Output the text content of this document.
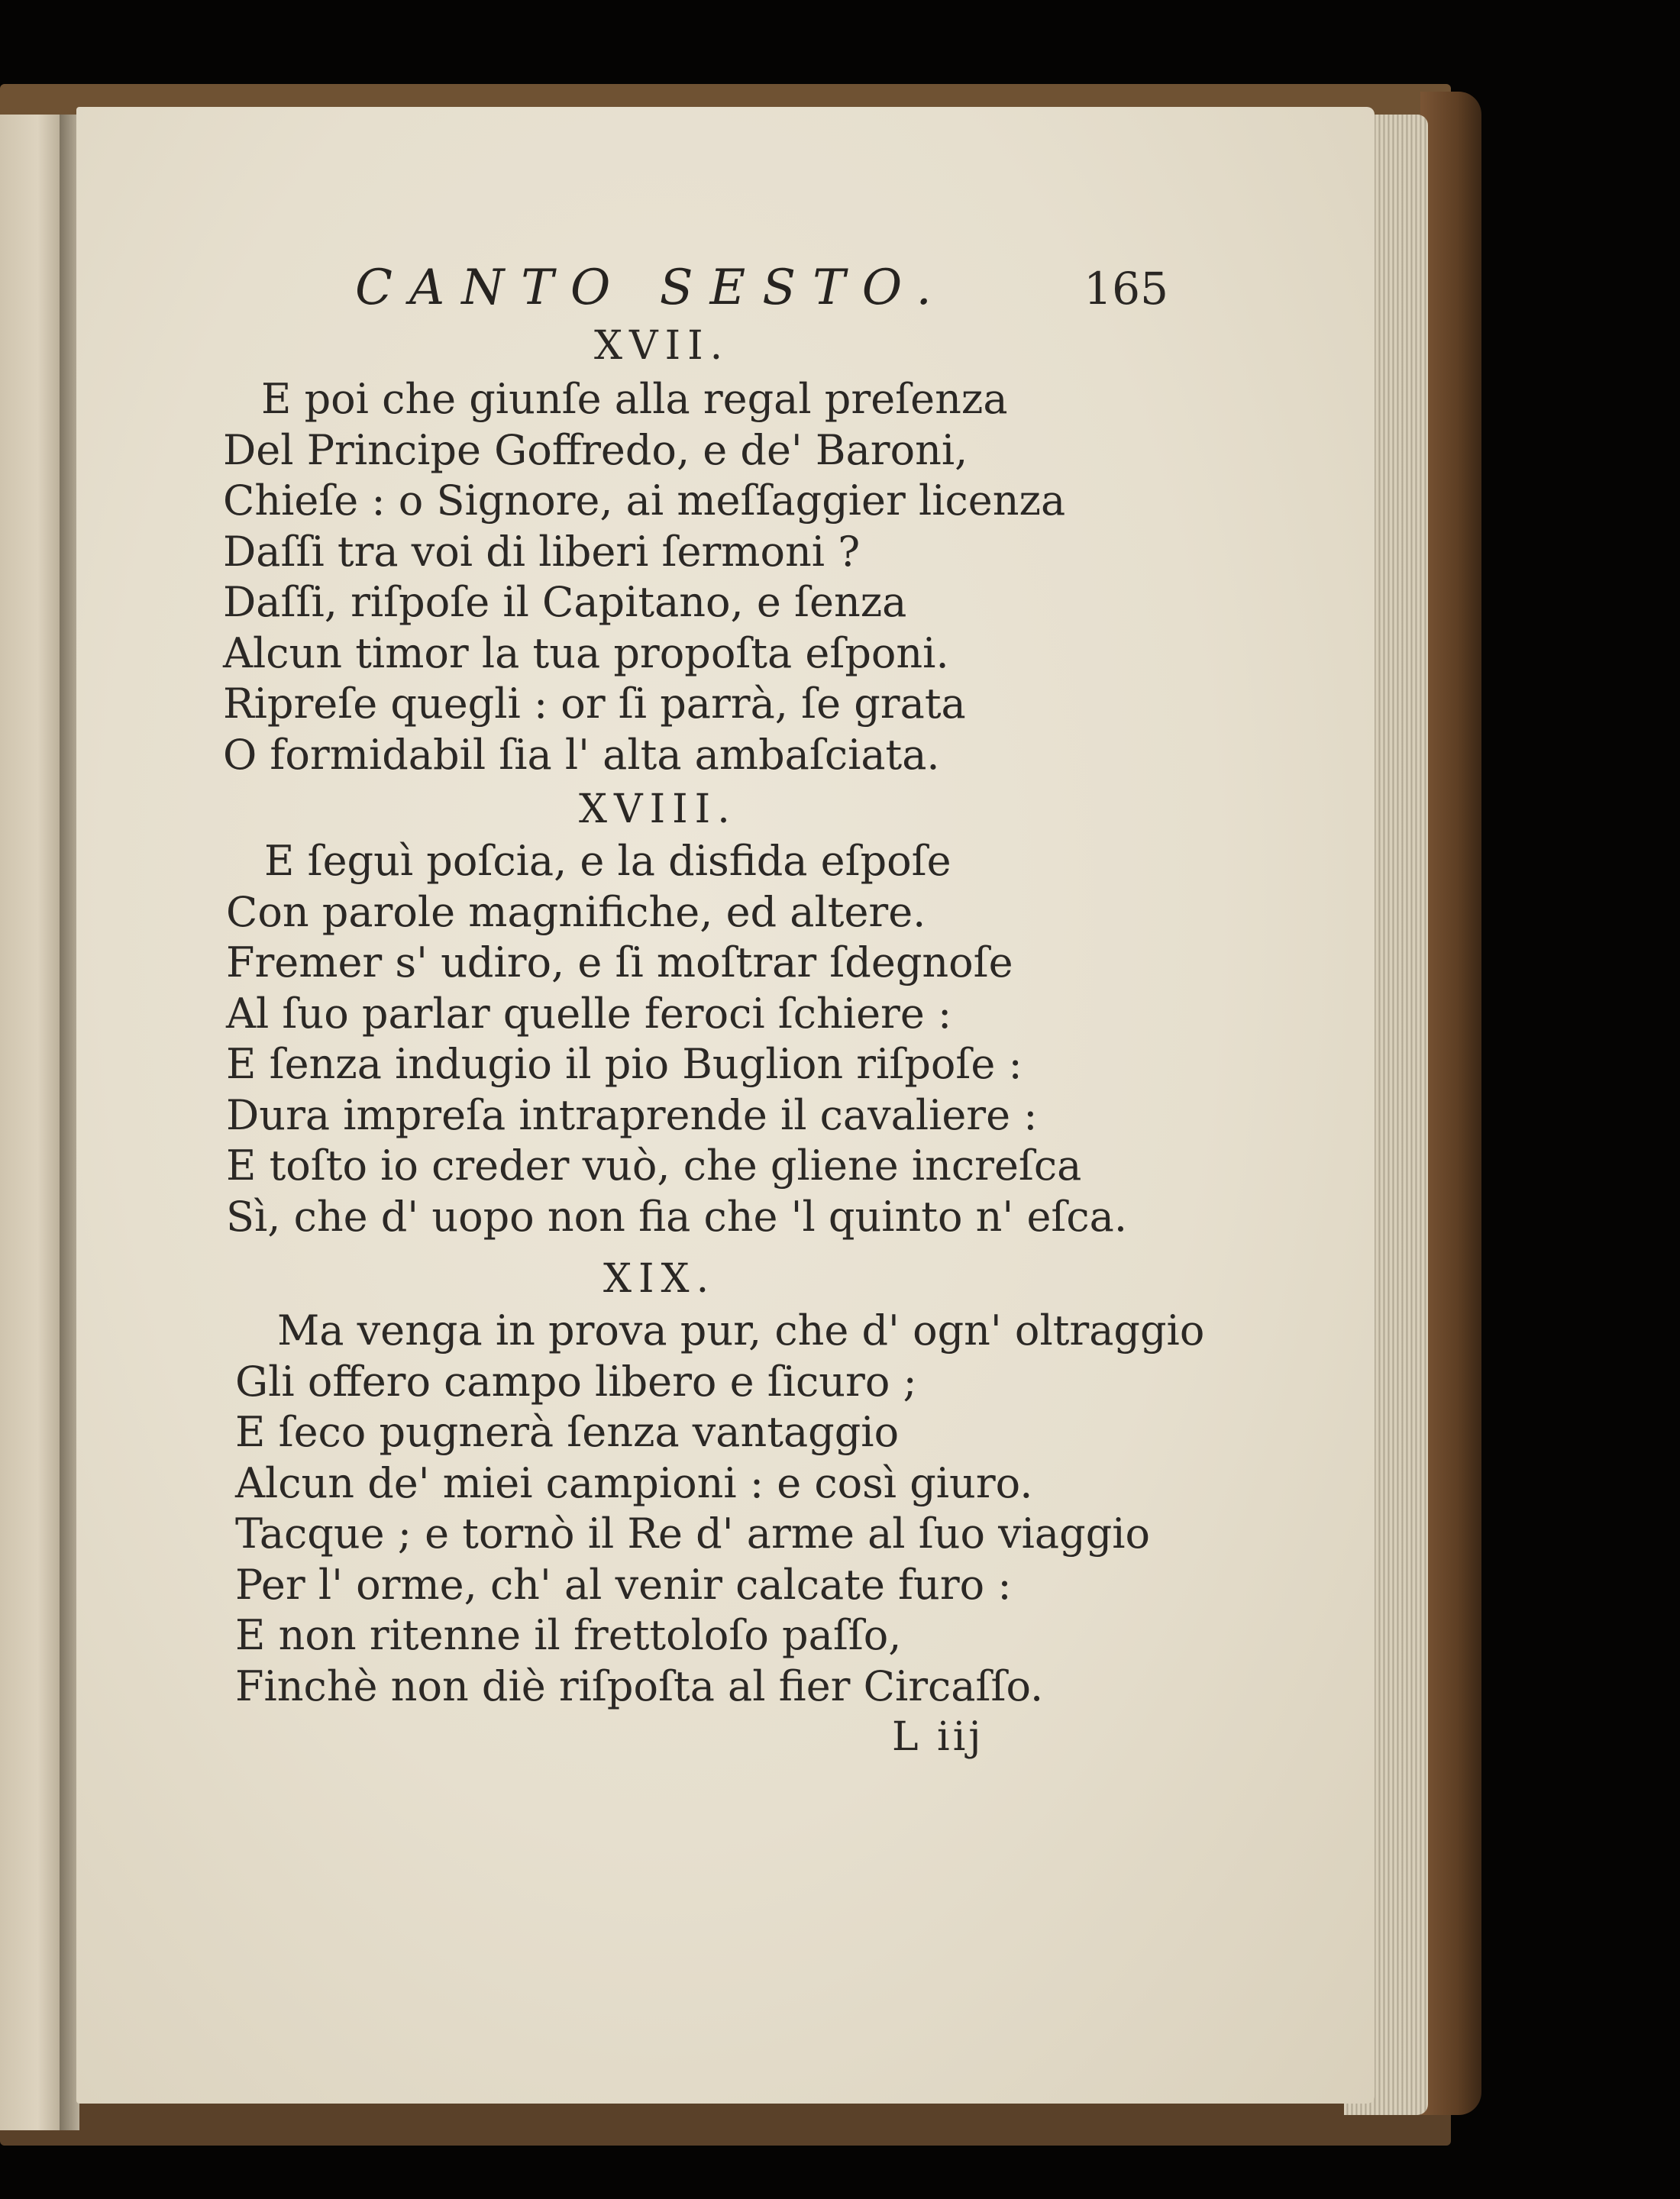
CANTO SESTO.	165
XVII.
E poi che giunſe alla regal preſenza
Del Principe Goffredo, e de' Baroni,
Chieſe : o Signore, ai meſſaggier licenza
Daſſi tra voi di liberi ſermoni ?
Daſſi, riſpoſe il Capitano, e ſenza
Alcun timor la tua propoſta eſponi.
Ripreſe quegli : or ſi parrà, ſe grata
O formidabil ſia l' alta ambaſciata.
XVIII.
E ſeguì poſcia, e la disfida eſpoſe
Con parole magnifiche, ed altere.
Fremer s' udiro, e ſi moſtrar ſdegnoſe
Al ſuo parlar quelle feroci ſchiere :
E ſenza indugio il pio Buglion riſpoſe :
Dura impreſa intraprende il cavaliere :
E toſto io creder vuò, che gliene increſca
Sì, che d' uopo non fia che 'l quinto n' eſca.
XIX.
Ma venga in prova pur, che d' ogn' oltraggio
Gli offero campo libero e ſicuro ;
E ſeco pugnerà ſenza vantaggio
Alcun de' miei campioni : e così giuro.
Tacque ; e tornò il Re d' arme al ſuo viaggio
Per l' orme, ch' al venir calcate furo :
E non ritenne il frettoloſo paſſo,
Finchè non diè riſpoſta al fier Circaſſo.
L iij
